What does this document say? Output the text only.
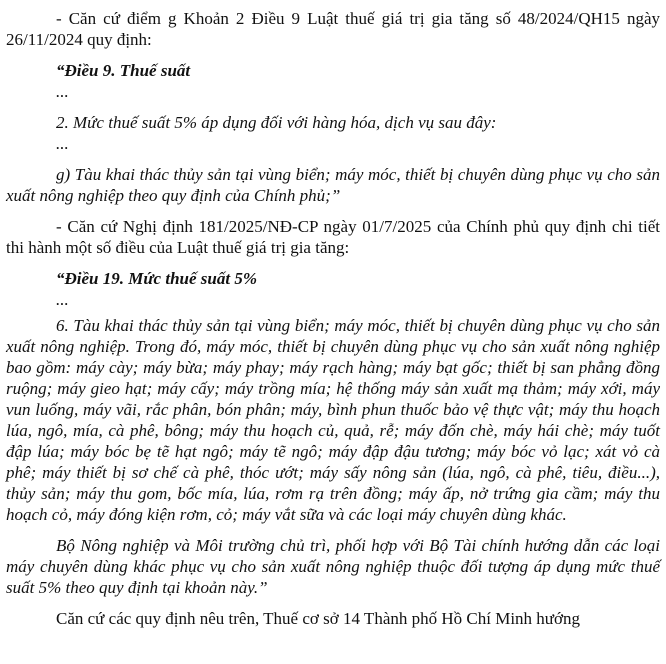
- Căn cứ điểm g Khoản 2 Điều 9 Luật thuế giá trị gia tăng số 48/2024/QH15 ngày 26/11/2024 quy định:

“Điều 9. Thuế suất

...

2. Mức thuế suất 5% áp dụng đối với hàng hóa, dịch vụ sau đây:

...

g) Tàu khai thác thủy sản tại vùng biển; máy móc, thiết bị chuyên dùng phục vụ cho sản xuất nông nghiệp theo quy định của Chính phủ;”

- Căn cứ Nghị định 181/2025/NĐ-CP ngày 01/7/2025 của Chính phủ quy định chi tiết thi hành một số điều của Luật thuế giá trị gia tăng:

“Điều 19. Mức thuế suất 5%

...

6. Tàu khai thác thủy sản tại vùng biển; máy móc, thiết bị chuyên dùng phục vụ cho sản xuất nông nghiệp. Trong đó, máy móc, thiết bị chuyên dùng phục vụ cho sản xuất nông nghiệp bao gồm: máy cày; máy bừa; máy phay; máy rạch hàng; máy bạt gốc; thiết bị san phẳng đồng ruộng; máy gieo hạt; máy cấy; máy trồng mía; hệ thống máy sản xuất mạ thảm; máy xới, máy vun luống, máy vãi, rắc phân, bón phân; máy, bình phun thuốc bảo vệ thực vật; máy thu hoạch lúa, ngô, mía, cà phê, bông; máy thu hoạch củ, quả, rễ; máy đốn chè, máy hái chè; máy tuốt đập lúa; máy bóc bẹ tẽ hạt ngô; máy tẽ ngô; máy đập đậu tương; máy bóc vỏ lạc; xát vỏ cà phê; máy thiết bị sơ chế cà phê, thóc ướt; máy sấy nông sản (lúa, ngô, cà phê, tiêu, điều...), thủy sản; máy thu gom, bốc mía, lúa, rơm rạ trên đồng; máy ấp, nở trứng gia cầm; máy thu hoạch cỏ, máy đóng kiện rơm, cỏ; máy vắt sữa và các loại máy chuyên dùng khác.

Bộ Nông nghiệp và Môi trường chủ trì, phối hợp với Bộ Tài chính hướng dẫn các loại máy chuyên dùng khác phục vụ cho sản xuất nông nghiệp thuộc đối tượng áp dụng mức thuế suất 5% theo quy định tại khoản này.”

Căn cứ các quy định nêu trên, Thuế cơ sở 14 Thành phố Hồ Chí Minh hướng
